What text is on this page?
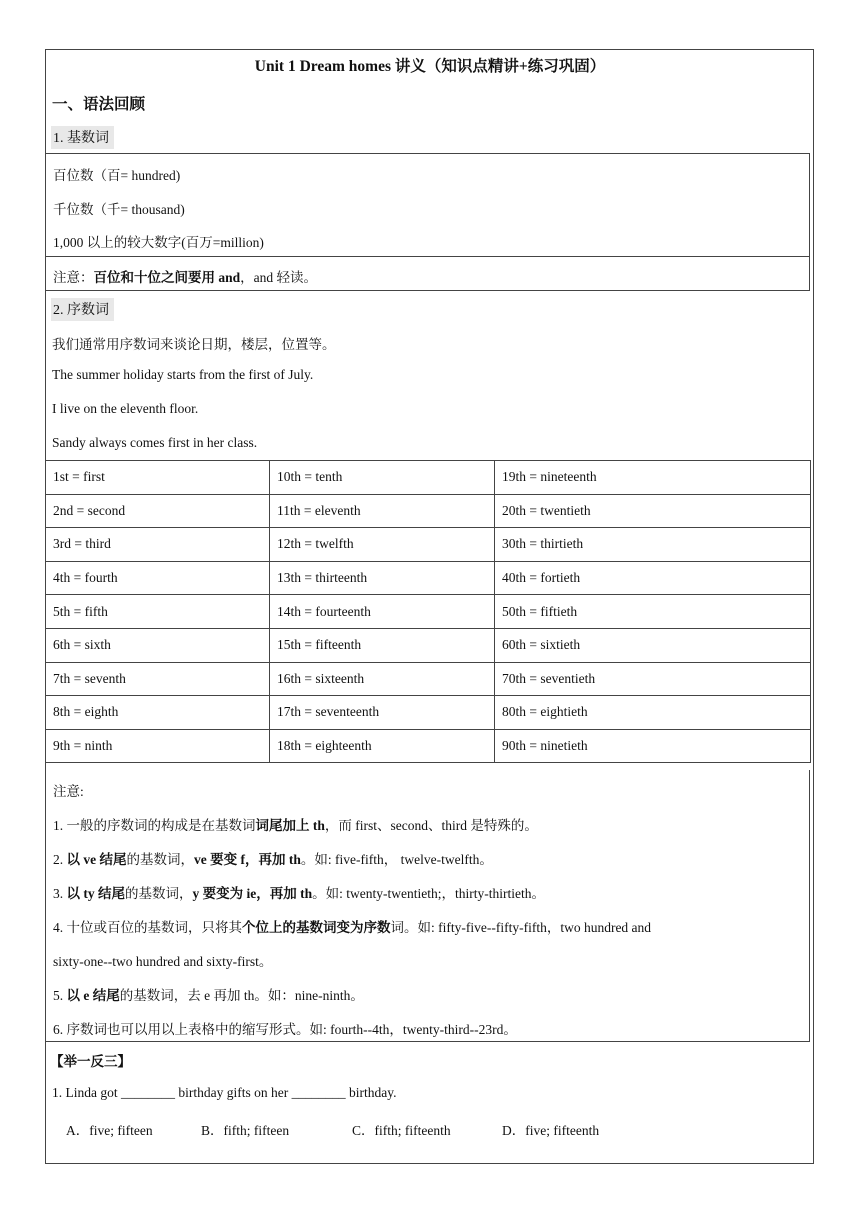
Unit 1 Dream homes 讲义（知识点精讲+练习巩固）
一、语法回顾
1. 基数词

百位数（百= hundred)

千位数（千= thousand)

1,000 以上的较大数字(百万=million)

注意：百位和十位之间要用 and，and 轻读。

2. 序数词
我们通常用序数词来谈论日期，楼层，位置等。
The summer holiday starts from the first of July.
I live on the eleventh floor.
Sandy always comes first in her class.
1st = first	10th = tenth	19th = nineteenth
2nd = second	11th = eleventh	20th = twentieth
3rd = third	12th = twelfth	30th = thirtieth
4th = fourth	13th = thirteenth	40th = fortieth
5th = fifth	14th = fourteenth	50th = fiftieth
6th = sixth	15th = fifteenth	60th = sixtieth
7th = seventh	16th = sixteenth	70th = seventieth
8th = eighth	17th = seventeenth	80th = eightieth
9th = ninth	18th = eighteenth	90th = ninetieth

注意:

1. 一般的序数词的构成是在基数词词尾加上 th，而 first、second、third 是特殊的。

2. 以 ve 结尾的基数词，ve 要变 f，再加 th。如: five-fifth， twelve-twelfth。

3. 以 ty 结尾的基数词，y 要变为 ie，再加 th。如: twenty-twentieth;，thirty-thirtieth。

4. 十位或百位的基数词，只将其个位上的基数词变为序数词。如: fifty-five--fifty-fifth，two hundred and

sixty-one--two hundred and sixty-first。

5. 以 e 结尾的基数词，去 e 再加 th。如：nine-ninth。

6. 序数词也可以用以上表格中的缩写形式。如: fourth--4th，twenty-third--23rd。

【举一反三】
1. Linda got ________ birthday gifts on her ________ birthday.
A．five; fifteen	B．fifth; fifteen	C．fifth; fifteenth	D．five; fifteenth
